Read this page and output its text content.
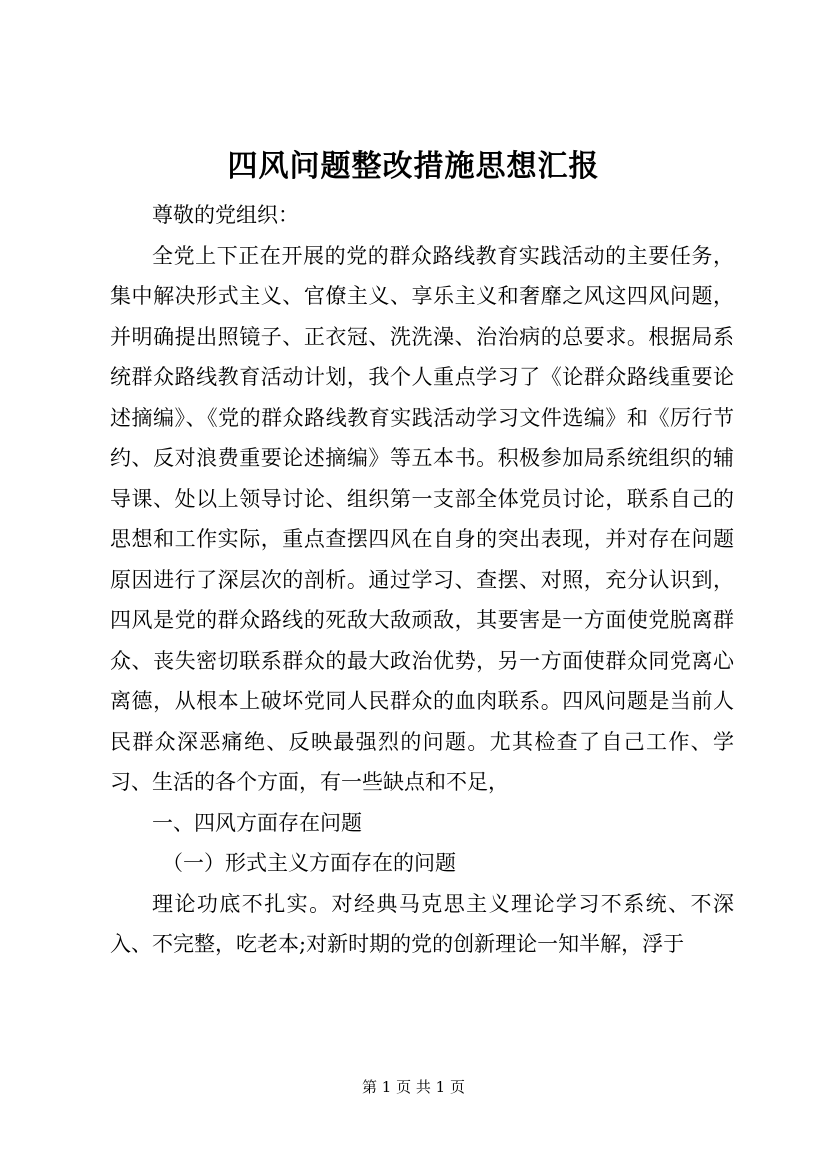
四风问题整改措施思想汇报

尊敬的党组织：

全党上下正在开展的党的群众路线教育实践活动的主要任务，集中解决形式主义、官僚主义、享乐主义和奢靡之风这四风问题，并明确提出照镜子、正衣冠、洗洗澡、治治病的总要求。根据局系统群众路线教育活动计划，我个人重点学习了《论群众路线重要论述摘编》、《党的群众路线教育实践活动学习文件选编》和《厉行节约、反对浪费重要论述摘编》等五本书。积极参加局系统组织的辅导课、处以上领导讨论、组织第一支部全体党员讨论，联系自己的思想和工作实际，重点查摆四风在自身的突出表现，并对存在问题原因进行了深层次的剖析。通过学习、查摆、对照，充分认识到，四风是党的群众路线的死敌大敌顽敌，其要害是一方面使党脱离群众、丧失密切联系群众的最大政治优势，另一方面使群众同党离心离德，从根本上破坏党同人民群众的血肉联系。四风问题是当前人民群众深恶痛绝、反映最强烈的问题。尤其检查了自己工作、学习、生活的各个方面，有一些缺点和不足，

一、四风方面存在问题

（一）形式主义方面存在的问题

理论功底不扎实。对经典马克思主义理论学习不系统、不深入、不完整，吃老本;对新时期的党的创新理论一知半解，浮于

第 1 页 共 1 页
